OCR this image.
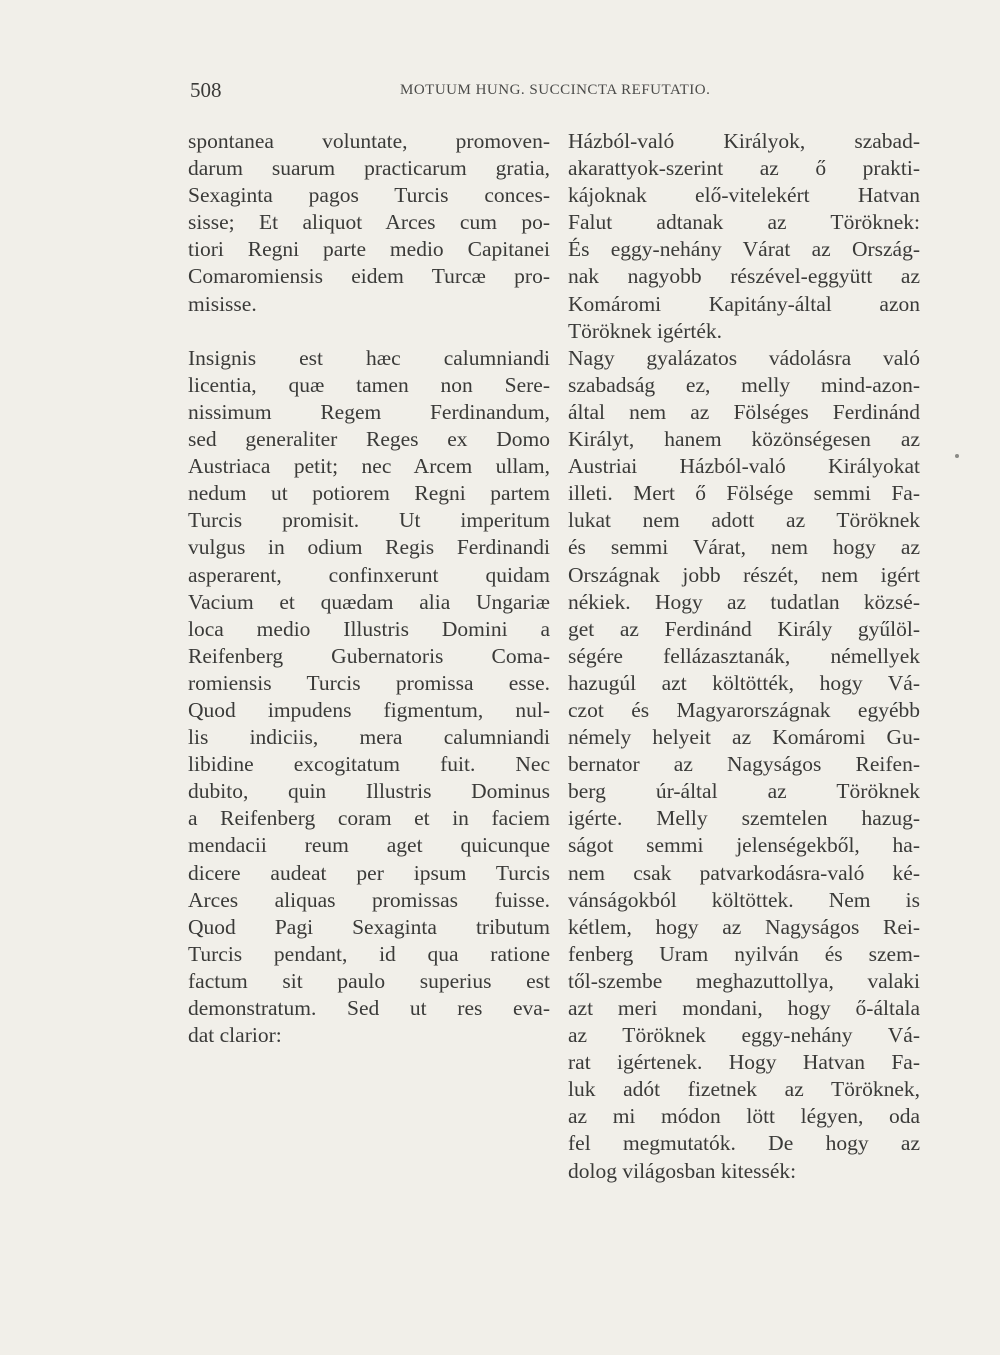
508	MOTUUM HUNG. SUCCINCTA REFUTATIO.
spontanea voluntate, promoven-
darum suarum practicarum gratia,
Sexaginta pagos Turcis conces-
sisse; Et aliquot Arces cum po-
tiori Regni parte medio Capitanei
Comaromiensis eidem Turcæ pro-
misisse.
Insignis est hæc calumniandi
licentia, quæ tamen non Sere-
nissimum Regem Ferdinandum,
sed generaliter Reges ex Domo
Austriaca petit; nec Arcem ullam,
nedum ut potiorem Regni partem
Turcis promisit. Ut imperitum
vulgus in odium Regis Ferdinandi
asperarent, confinxerunt quidam
Vacium et quædam alia Ungariæ
loca medio Illustris Domini a
Reifenberg Gubernatoris Coma-
romiensis Turcis promissa esse.
Quod impudens figmentum, nul-
lis indiciis, mera calumniandi
libidine excogitatum fuit. Nec
dubito, quin Illustris Dominus
a Reifenberg coram et in faciem
mendacii reum aget quicunque
dicere audeat per ipsum Turcis
Arces aliquas promissas fuisse.
Quod Pagi Sexaginta tributum
Turcis pendant, id qua ratione
factum sit paulo superius est
demonstratum. Sed ut res eva-
dat clarior:
Házból-való Királyok, szabad-
akarattyok-szerint az ő prakti-
kájoknak elő-vitelekért Hatvan
Falut adtanak az Töröknek:
És eggy-nehány Várat az Ország-
nak nagyobb részével-eggyütt az
Komáromi Kapitány-által azon
Töröknek igérték.
Nagy gyalázatos vádolásra való
szabadság ez, melly mind-azon-
által nem az Fölséges Ferdinánd
Királyt, hanem közönségesen az
Austriai Házból-való Királyokat
illeti. Mert ő Fölsége semmi Fa-
lukat nem adott az Töröknek
és semmi Várat, nem hogy az
Országnak jobb részét, nem igért
nékiek. Hogy az tudatlan közsé-
get az Ferdinánd Király gyűlöl-
ségére fellázasztanák, némellyek
hazugúl azt költötték, hogy Vá-
czot és Magyarországnak egyébb
némely helyeit az Komáromi Gu-
bernator az Nagyságos Reifen-
berg úr-által az Töröknek
igérte. Melly szemtelen hazug-
ságot semmi jelenségekből, ha-
nem csak patvarkodásra-való ké-
vánságokból költöttek. Nem is
kétlem, hogy az Nagyságos Rei-
fenberg Uram nyilván és szem-
től-szembe meghazuttollya, valaki
azt meri mondani, hogy ő-általa
az Töröknek eggy-nehány Vá-
rat igértenek. Hogy Hatvan Fa-
luk adót fizetnek az Töröknek,
az mi módon lött légyen, oda
fel megmutatók. De hogy az
dolog világosban kitessék:
